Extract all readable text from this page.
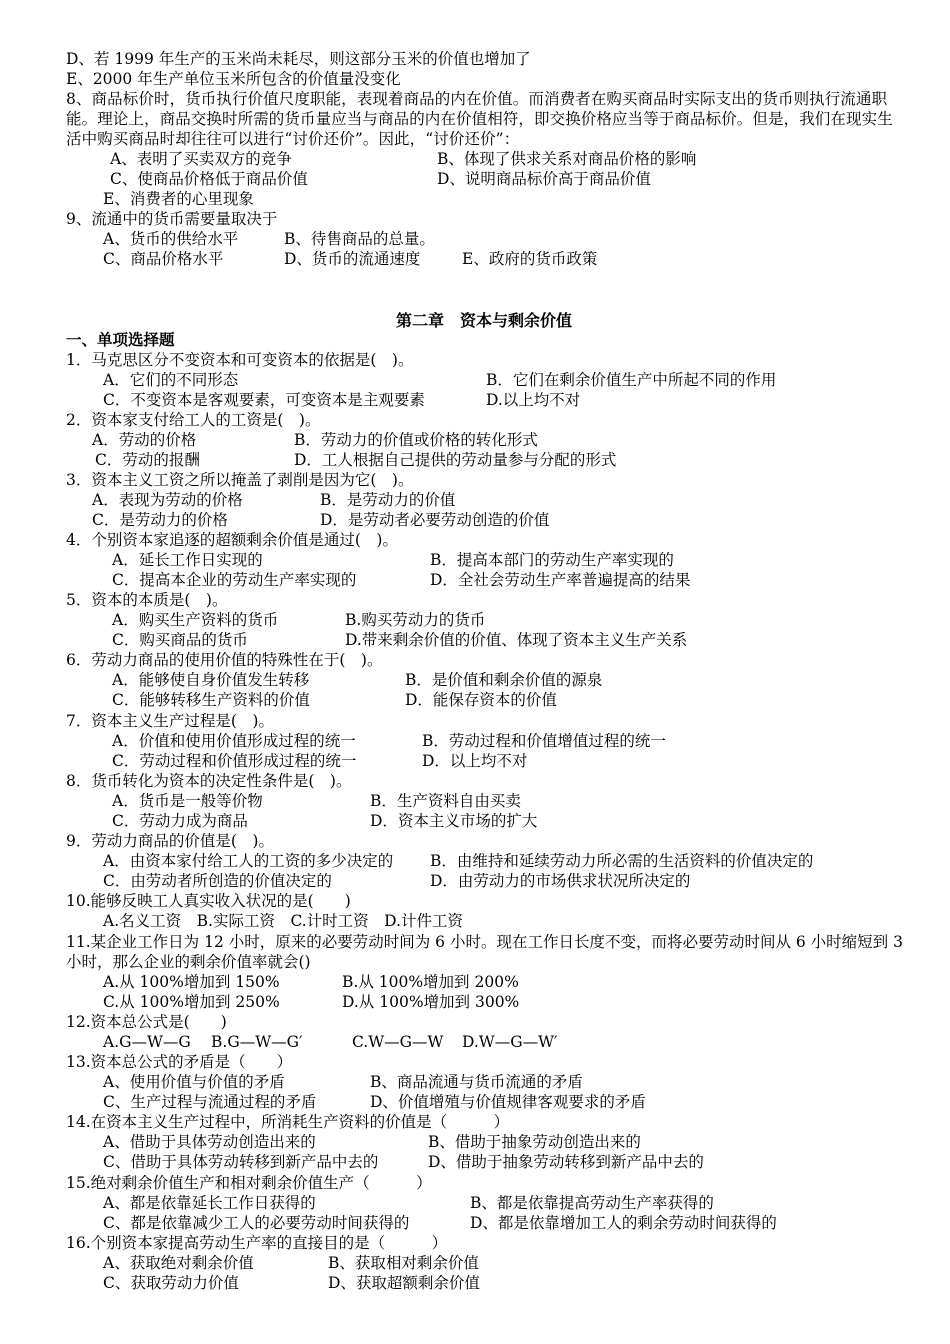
D、若 1999 年生产的玉米尚未耗尽，则这部分玉米的价值也增加了
E、2000 年生产单位玉米所包含的价值量没变化
8、商品标价时，货币执行价值尺度职能，表现着商品的内在价值。而消费者在购买商品时实际支出的货币则执行流通职能。理论上，商品交换时所需的货币量应当与商品的内在价值相符，即交换价格应当等于商品标价。但是，我们在现实生活中购买商品时却往往可以进行“讨价还价”。因此，“讨价还价”：
A、表明了买卖双方的竞争	B、体现了供求关系对商品价格的影响
C、使商品价格低于商品价值	D、说明商品标价高于商品价值
E、消费者的心里现象
9、流通中的货币需要量取决于
A、货币的供给水平	B、待售商品的总量。
C、商品价格水平	D、货币的流通速度	E、政府的货币政策
第二章　资本与剩余价值
一、单项选择题
1．马克思区分不变资本和可变资本的依据是(　)。
A．它们的不同形态	B．它们在剩余价值生产中所起不同的作用
C．不变资本是客观要素，可变资本是主观要素	D.以上均不对
2．资本家支付给工人的工资是(　)。
A．劳动的价格	B．劳动力的价值或价格的转化形式
C．劳动的报酬	D．工人根据自己提供的劳动量参与分配的形式
3．资本主义工资之所以掩盖了剥削是因为它(　)。
A．表现为劳动的价格	B．是劳动力的价值
C．是劳动力的价格	D．是劳动者必要劳动创造的价值
4．个别资本家追逐的超额剩余价值是通过(　)。
A．延长工作日实现的	B．提高本部门的劳动生产率实现的
C．提高本企业的劳动生产率实现的	D．全社会劳动生产率普遍提高的结果
5．资本的本质是(　)。
A．购买生产资料的货币	B.购买劳动力的货币
C．购买商品的货币	D.带来剩余价值的价值、体现了资本主义生产关系
6．劳动力商品的使用价值的特殊性在于(　)。
A．能够使自身价值发生转移	B．是价值和剩余价值的源泉
C．能够转移生产资料的价值	D．能保存资本的价值
7．资本主义生产过程是(　)。
A．价值和使用价值形成过程的统一	B．劳动过程和价值增值过程的统一
C．劳动过程和价值形成过程的统一	D．以上均不对
8．货币转化为资本的决定性条件是(　)。
A．货币是一般等价物	B．生产资料自由买卖
C．劳动力成为商品	D．资本主义市场的扩大
9．劳动力商品的价值是(　)。
A．由资本家付给工人的工资的多少决定的 B．由维持和延续劳动力所必需的生活资料的价值决定的
C．由劳动者所创造的价值决定的	D．由劳动力的市场供求状况所决定的
10.能够反映工人真实收入状况的是(　　)
A.名义工资　B.实际工资　C.计时工资　D.计件工资
11.某企业工作日为 12 小时，原来的必要劳动时间为 6 小时。现在工作日长度不变，而将必要劳动时间从 6 小时缩短到 3 小时，那么企业的剩余价值率就会()
A.从 100%增加到 150%	B.从 100%增加到 200%
C.从 100%增加到 250%	D.从 100%增加到 300%
12.资本总公式是(　　)
A.G—W—G B.G—W—G′	C.W—G—W D.W—G—W′
13.资本总公式的矛盾是（　　）
A、使用价值与价值的矛盾	B、商品流通与货币流通的矛盾
C、生产过程与流通过程的矛盾	D、价值增殖与价值规律客观要求的矛盾
14.在资本主义生产过程中，所消耗生产资料的价值是（　　　）
A、借助于具体劳动创造出来的	B、借助于抽象劳动创造出来的
C、借助于具体劳动转移到新产品中去的	D、借助于抽象劳动转移到新产品中去的
15.绝对剩余价值生产和相对剩余价值生产（　　　）
A、都是依靠延长工作日获得的	B、都是依靠提高劳动生产率获得的
C、都是依靠减少工人的必要劳动时间获得的	D、都是依靠增加工人的剩余劳动时间获得的
16.个别资本家提高劳动生产率的直接目的是（　　　）
A、获取绝对剩余价值	B、获取相对剩余价值
C、获取劳动力价值	D、获取超额剩余价值
